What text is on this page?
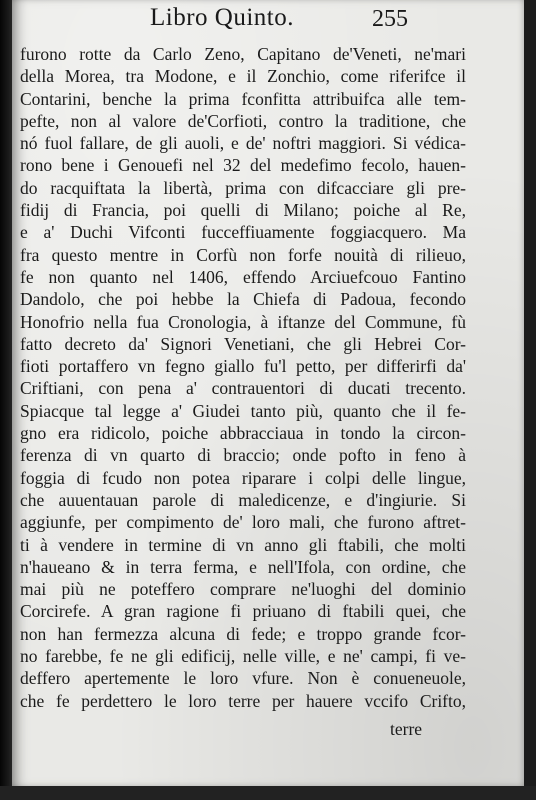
Libro Quinto.	255
furono rotte da Carlo Zeno, Capitano de'Veneti, ne'mari
della Morea, tra Modone, e il Zonchio, come riferifce il
Contarini, benche la prima fconfitta attribuifca alle tem-
pefte, non al valore de'Corfioti, contro la traditione, che
nó fuol fallare, de gli auoli, e de' noftri maggiori. Si védica-
rono bene i Genouefi nel 32 del medefimo fecolo, hauen-
do racquiftata la libertà, prima con difcacciare gli pre-
fidij di Francia, poi quelli di Milano; poiche al Re,
e a' Duchi Vifconti fucceffiuamente foggiacquero. Ma
fra questo mentre in Corfù non forfe nouità di rilieuo,
fe non quanto nel 1406, effendo Arciuefcouo Fantino
Dandolo, che poi hebbe la Chiefa di Padoua, fecondo
Honofrio nella fua Cronologia, à iftanze del Commune, fù
fatto decreto da' Signori Venetiani, che gli Hebrei Cor-
fioti portaffero vn fegno giallo fu'l petto, per differirfi da'
Criftiani, con pena a' contrauentori di ducati trecento.
Spiacque tal legge a' Giudei tanto più, quanto che il fe-
gno era ridicolo, poiche abbracciaua in tondo la circon-
ferenza di vn quarto di braccio; onde pofto in feno à
foggia di fcudo non potea riparare i colpi delle lingue,
che auuentauan parole di maledicenze, e d'ingiurie. Si
aggiunfe, per compimento de' loro mali, che furono aftret-
ti à vendere in termine di vn anno gli ftabili, che molti
n'haueano & in terra ferma, e nell'Ifola, con ordine, che
mai più ne poteffero comprare ne'luoghi del dominio
Corcirefe. A gran ragione fi priuano di ftabili quei, che
non han fermezza alcuna di fede; e troppo grande fcor-
no farebbe, fe ne gli edificij, nelle ville, e ne' campi, fi ve-
deffero apertemente le loro vfure. Non è conueneuole,
che fe perdettero le loro terre per hauere vccifo Crifto,
terre
